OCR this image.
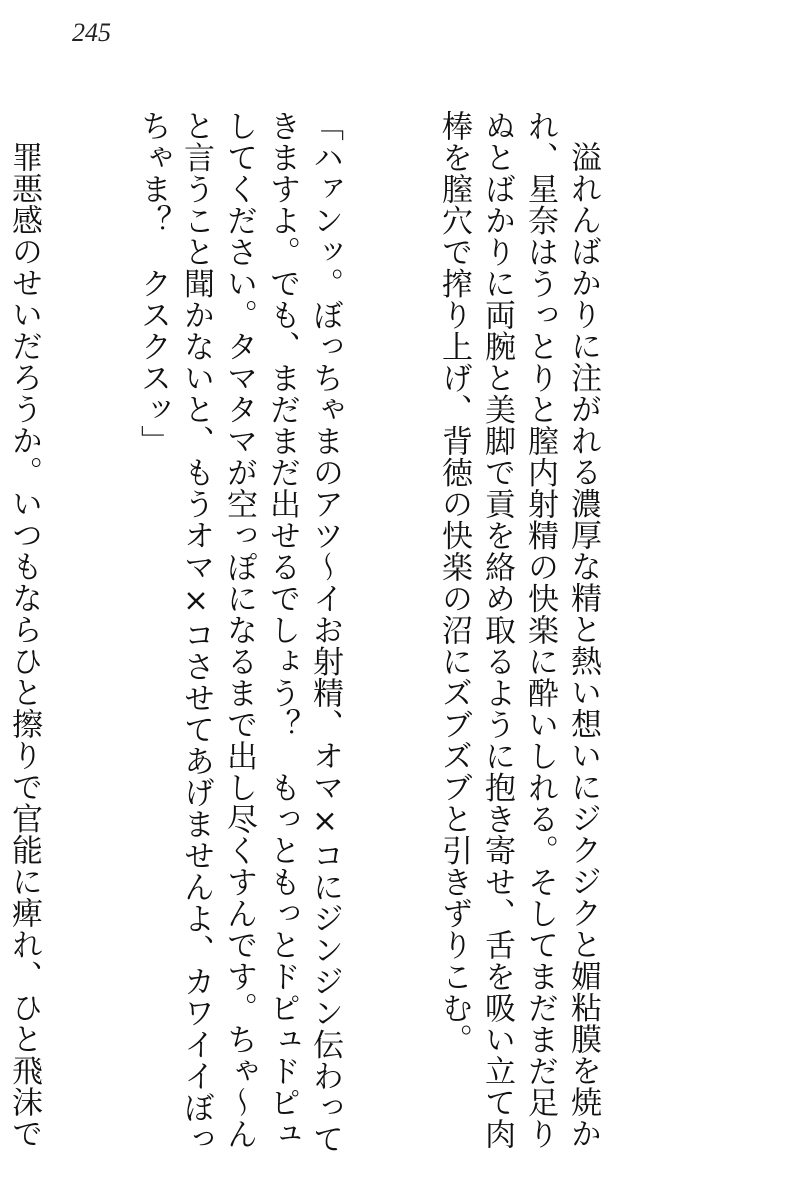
245

溢れんばかりに注がれる濃厚な精と熱い想いにジクジクと媚粘膜を焼かれ、星奈はうっとりと膣内射精の快楽に酔いしれる。そしてまだまだ足りぬとばかりに両腕と美脚で貢を絡め取るように抱き寄せ、舌を吸い立て肉棒を膣穴で搾り上げ、背徳の快楽の沼にズブズブと引きずりこむ。

「ハァンッ。ぼっちゃまのアツ〜イお射精、オマ×コにジンジン伝わってきますよ。でも、まだまだ出せるでしょう？　もっともっとドピュドピュしてください。タマタマが空っぽになるまで出し尽くすんです。ちゃ〜んと言うこと聞かないと、もうオマ×コさせてあげませんよ、カワイイぼっちゃま？　クスクスッ」

罪悪感のせいだろうか。いつもならひと擦りで官能に痺れ、ひと飛沫で
